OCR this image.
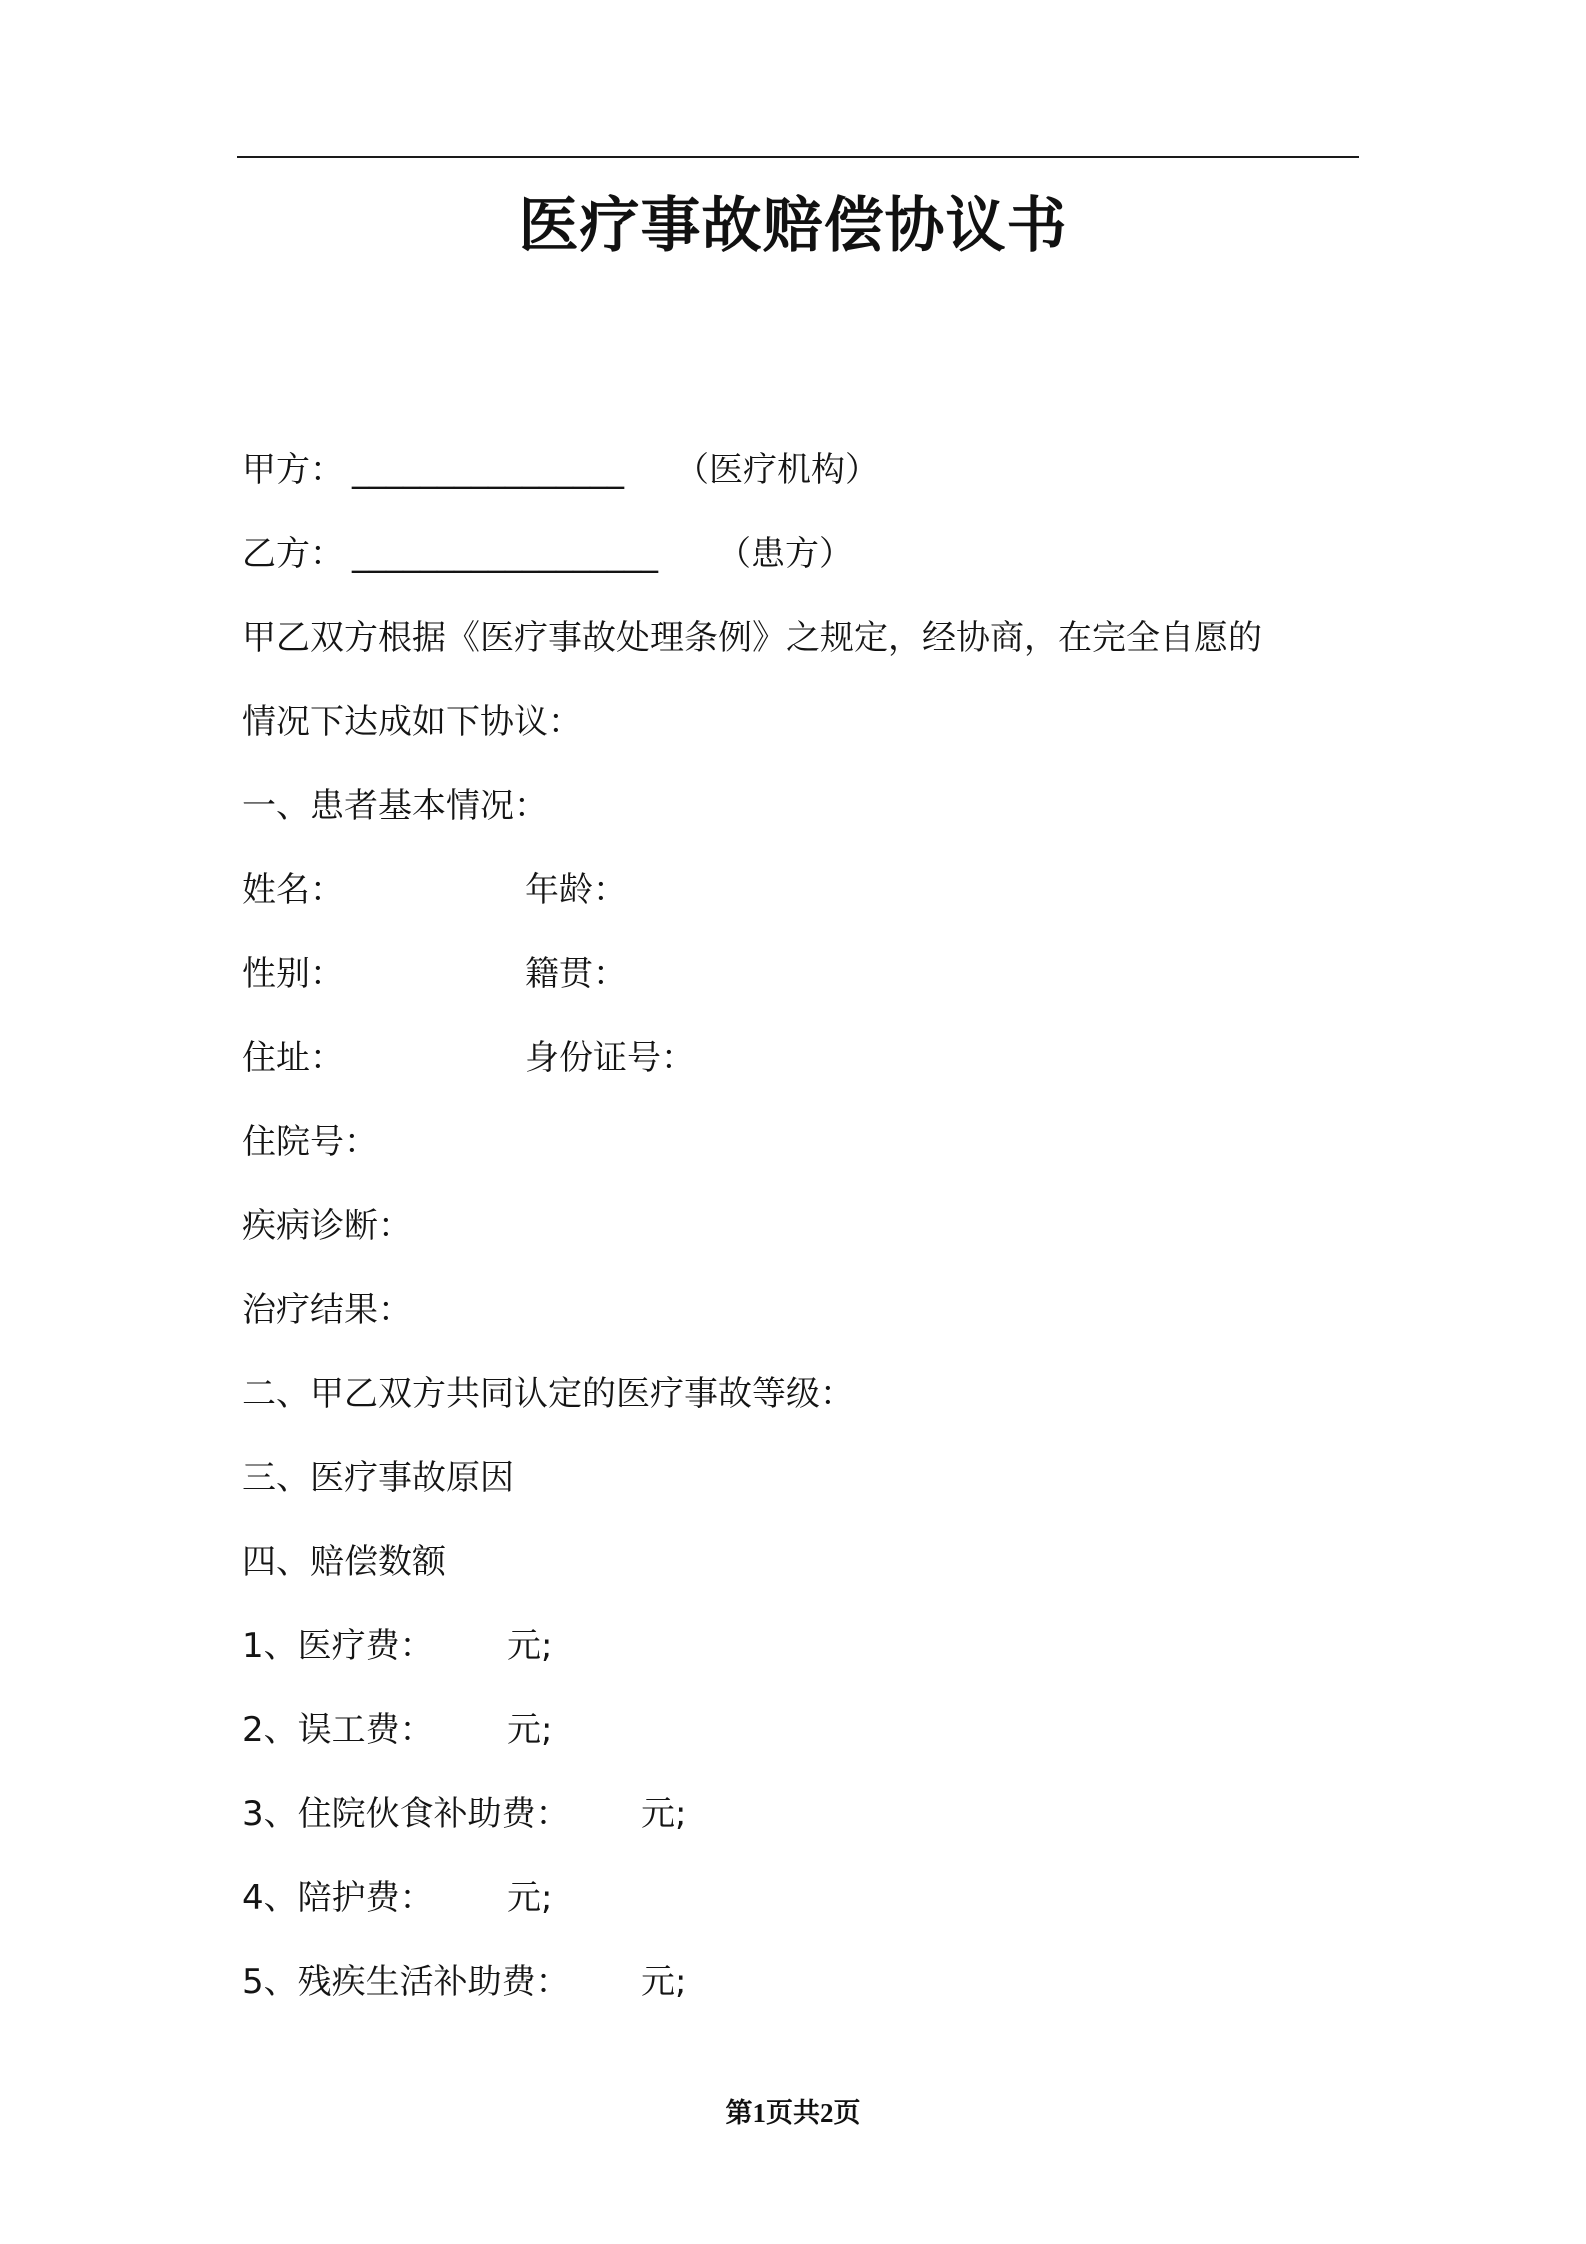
医疗事故赔偿协议书
甲方： ________________ （医疗机构）
乙方： __________________ （患方）
甲乙双方根据《医疗事故处理条例》之规定，经协商，在完全自愿的
情况下达成如下协议：
一、患者基本情况：
姓名：	年龄：
性别：	籍贯：
住址：	身份证号：
住院号：
疾病诊断：
治疗结果：
二、甲乙双方共同认定的医疗事故等级：
三、医疗事故原因
四、赔偿数额
1、医疗费： 元;
2、误工费： 元;
3、住院伙食补助费： 元;
4、陪护费： 元;
5、残疾生活补助费： 元;
第1页共2页
